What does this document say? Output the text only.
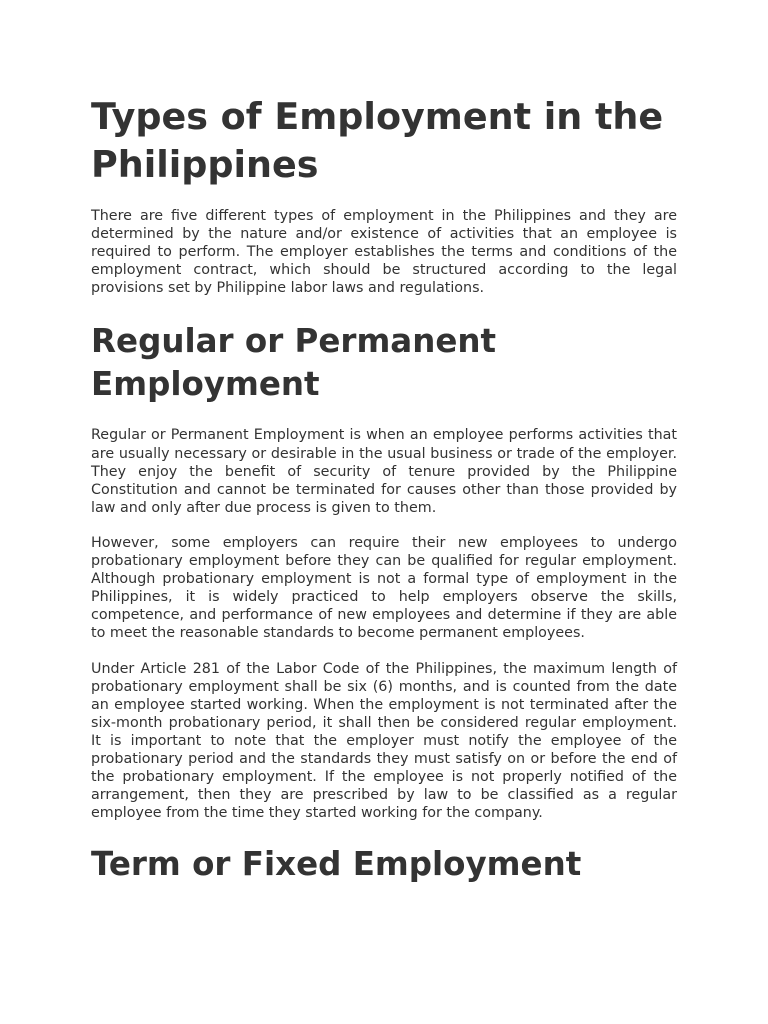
Types of Employment in the Philippines

There are five different types of employment in the Philippines and they are determined by the nature and/or existence of activities that an employee is required to perform. The employer establishes the terms and conditions of the employment contract, which should be structured according to the legal provisions set by Philippine labor laws and regulations.

Regular or Permanent Employment

Regular or Permanent Employment is when an employee performs activities that are usually necessary or desirable in the usual business or trade of the employer. They enjoy the benefit of security of tenure provided by the Philippine Constitution and cannot be terminated for causes other than those provided by law and only after due process is given to them.

However, some employers can require their new employees to undergo probationary employment before they can be qualified for regular employment. Although probationary employment is not a formal type of employment in the Philippines, it is widely practiced to help employers observe the skills, competence, and performance of new employees and determine if they are able to meet the reasonable standards to become permanent employees.

Under Article 281 of the Labor Code of the Philippines, the maximum length of probationary employment shall be six (6) months, and is counted from the date an employee started working. When the employment is not terminated after the six-month probationary period, it shall then be considered regular employment. It is important to note that the employer must notify the employee of the probationary period and the standards they must satisfy on or before the end of the probationary employment. If the employee is not properly notified of the arrangement, then they are prescribed by law to be classified as a regular employee from the time they started working for the company.

Term or Fixed Employment
